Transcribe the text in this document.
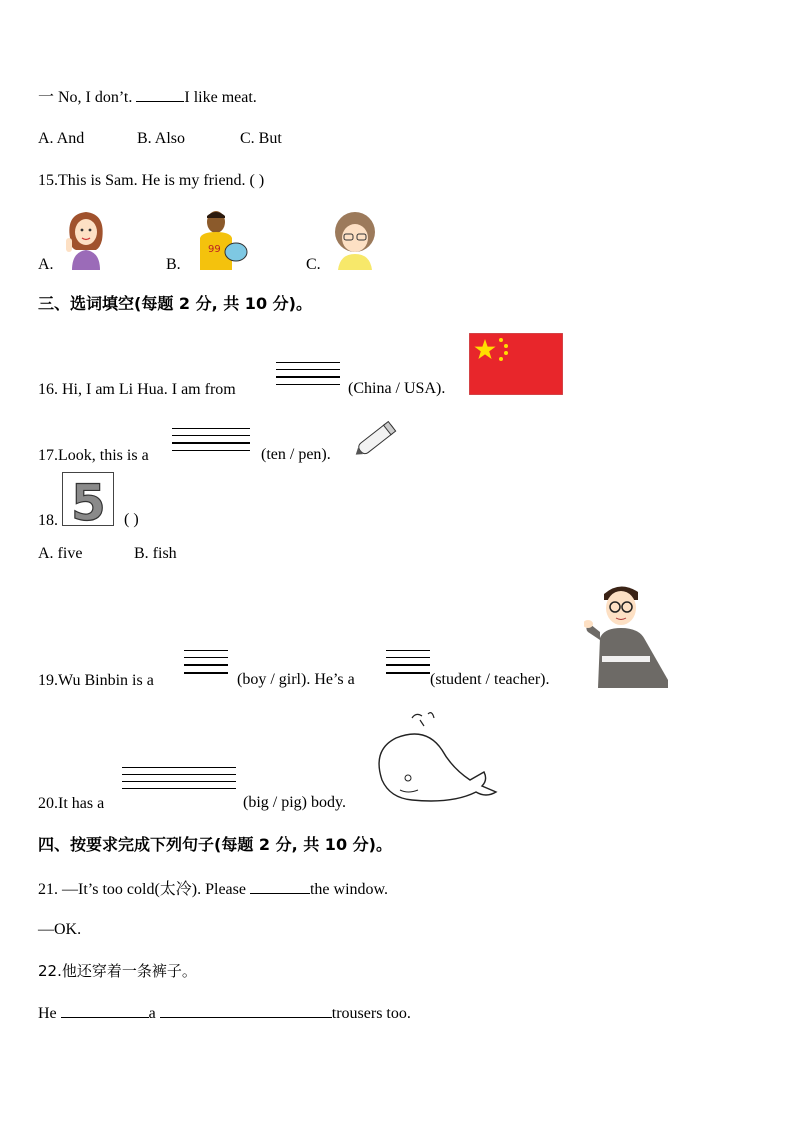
一 No, I don’t.	I like meat.
A. And	B. Also	C. But
15.This is Sam. He is my friend. ( )
A.	B.
99
C.
三、选词填空(每题 2 分, 共 10 分)。
16. Hi, I am Li Hua. I am from	(China / USA).
17.Look, this is a	(ten / pen).
5
18.	( )
A. five	B. fish
19.Wu Binbin is a	(boy / girl). He’s a	(student / teacher).
20.It has a	(big / pig) body.
四、按要求完成下列句子(每题 2 分, 共 10 分)。
21. —It’s too cold(太冷). Please	the window.
—OK.
22.他还穿着一条裤子。
He	a	trousers too.
